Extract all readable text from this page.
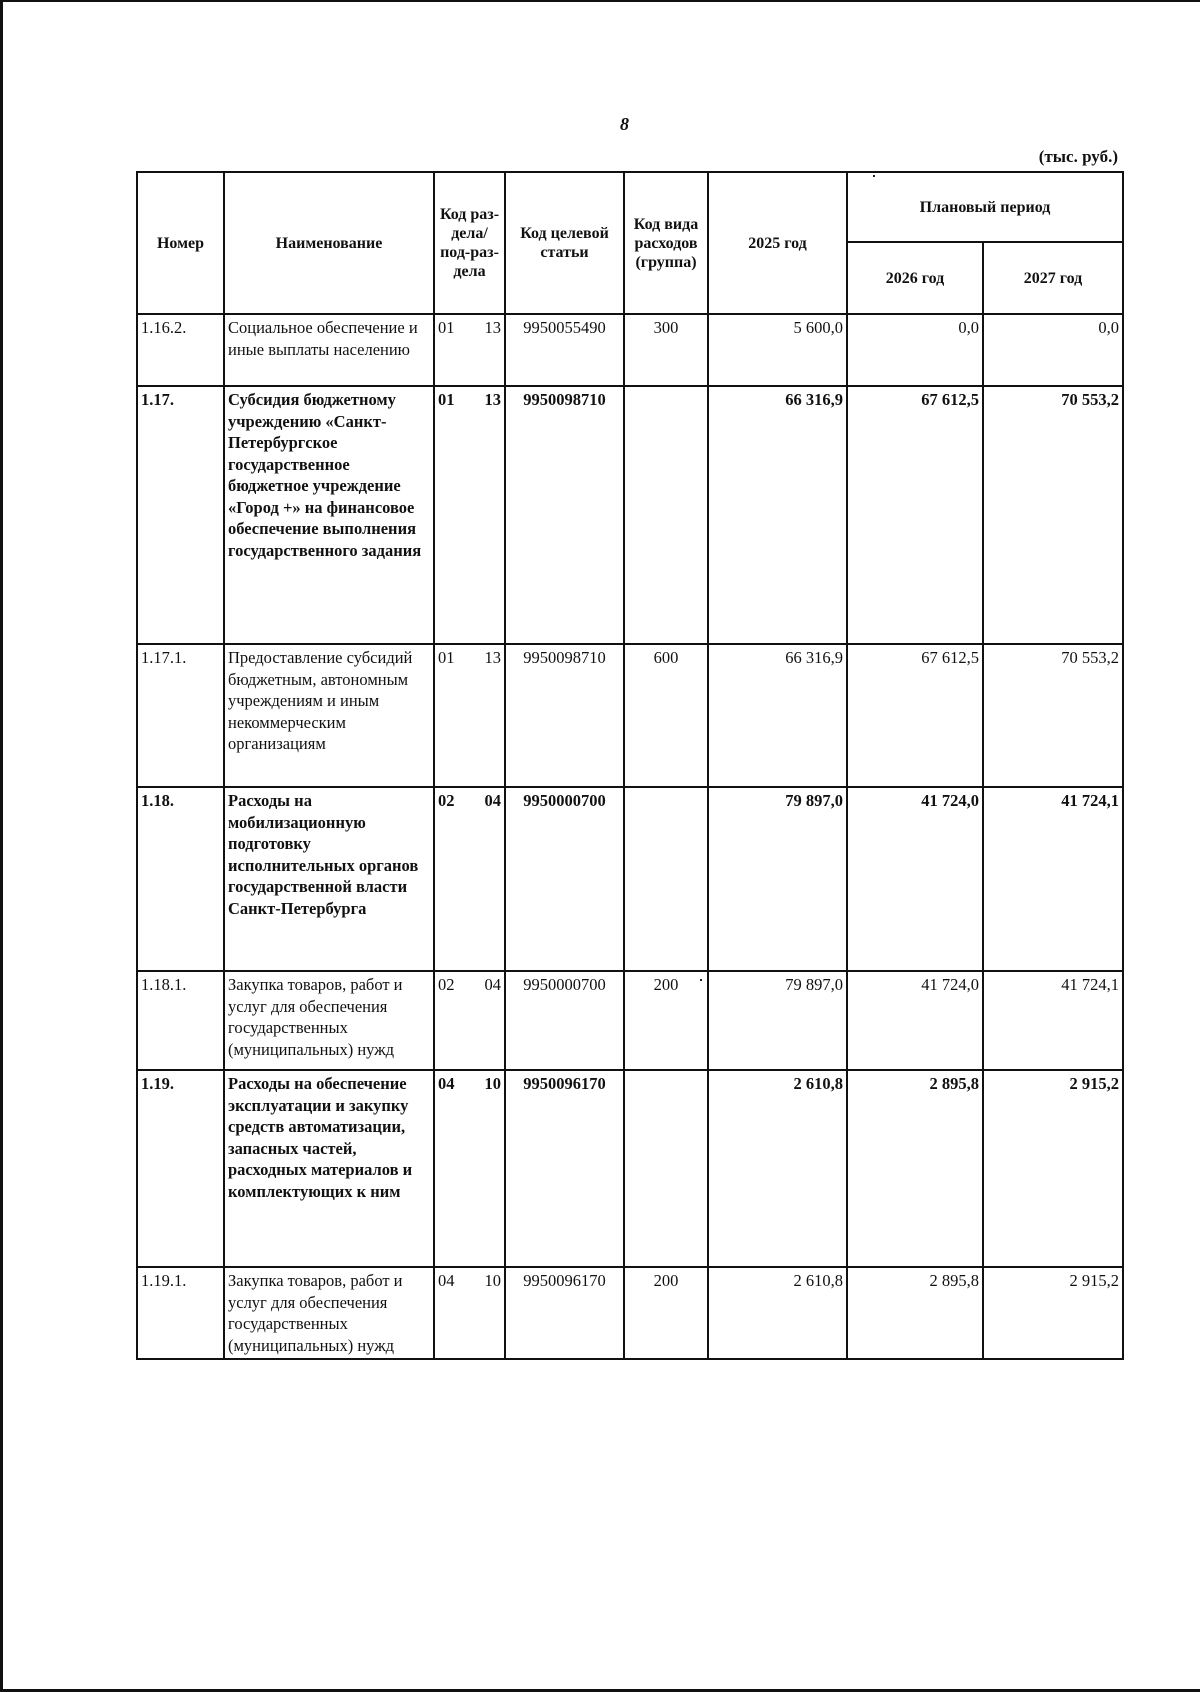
8
(тыс. руб.)
Номер	Наименование	Код раз-дела/ под-раз-дела	Код целевой статьи	Код вида расходов (группа)	2025 год	Плановый период	
						2026 год	2027 год
1.16.2.	Социальное обеспечение и иные выплаты населению	01 13	9950055490	300	5 600,0	0,0	0,0
1.17.	Субсидия бюджетному учреждению «Санкт-Петербургское государственное бюджетное учреждение «Город +» на финансовое обеспечение выполнения государственного задания	01 13	9950098710		66 316,9	67 612,5	70 553,2
1.17.1.	Предоставление субсидий бюджетным, автономным учреждениям и иным некоммерческим организациям	01 13	9950098710	600	66 316,9	67 612,5	70 553,2
1.18.	Расходы на мобилизационную подготовку исполнительных органов государственной власти Санкт-Петербурга	02 04	9950000700		79 897,0	41 724,0	41 724,1
1.18.1.	Закупка товаров, работ и услуг для обеспечения государственных (муниципальных) нужд	02 04	9950000700	200	79 897,0	41 724,0	41 724,1
1.19.	Расходы на обеспечение эксплуатации и закупку средств автоматизации, запасных частей, расходных материалов и комплектующих к ним	04 10	9950096170		2 610,8	2 895,8	2 915,2
1.19.1.	Закупка товаров, работ и услуг для обеспечения государственных (муниципальных) нужд	04 10	9950096170	200	2 610,8	2 895,8	2 915,2
